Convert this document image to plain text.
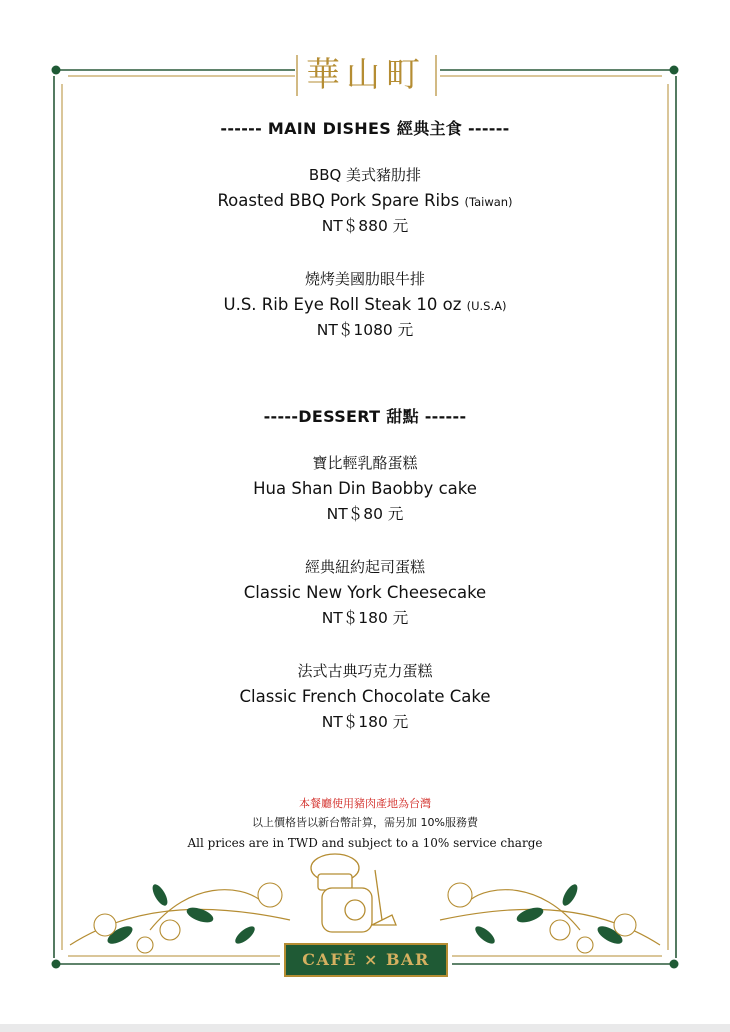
華山町
------ MAIN DISHES 經典主食 ------
BBQ 美式豬肋排
Roasted BBQ Pork Spare Ribs (Taiwan)
NT＄880 元
燒烤美國肋眼牛排
U.S. Rib Eye Roll Steak 10 oz (U.S.A)
NT＄1080 元
-----DESSERT 甜點 ------
寶比輕乳酪蛋糕
Hua Shan Din Baobby cake
NT＄80 元
經典紐約起司蛋糕
Classic New York Cheesecake
NT＄180 元
法式古典巧克力蛋糕
Classic French Chocolate Cake
NT＄180 元
本餐廳使用豬肉產地為台灣
以上價格皆以新台幣計算，需另加 10%服務費
All prices are in TWD and subject to a 10% service charge
CAFÉ × BAR
